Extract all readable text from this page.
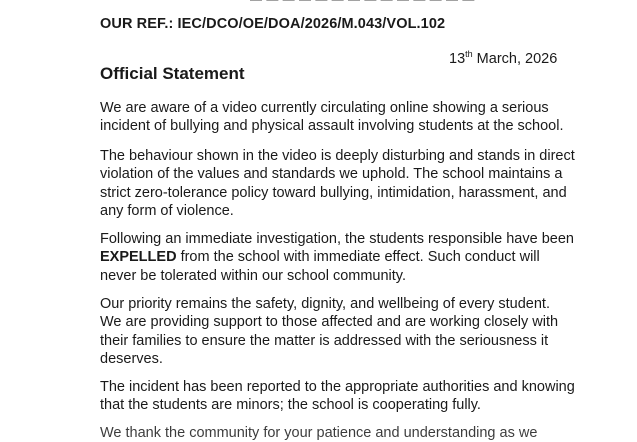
OUR REF.: IEC/DCO/OE/DOA/2026/M.043/VOL.102
13th March, 2026
Official Statement
We are aware of a video currently circulating online showing a serious
incident of bullying and physical assault involving students at the school.
The behaviour shown in the video is deeply disturbing and stands in direct
violation of the values and standards we uphold. The school maintains a
strict zero-tolerance policy toward bullying, intimidation, harassment, and
any form of violence.
Following an immediate investigation, the students responsible have been
EXPELLED from the school with immediate effect. Such conduct will
never be tolerated within our school community.
Our priority remains the safety, dignity, and wellbeing of every student.
We are providing support to those affected and are working closely with
their families to ensure the matter is addressed with the seriousness it
deserves.
The incident has been reported to the appropriate authorities and knowing
that the students are minors; the school is cooperating fully.
We thank the community for your patience and understanding as we
